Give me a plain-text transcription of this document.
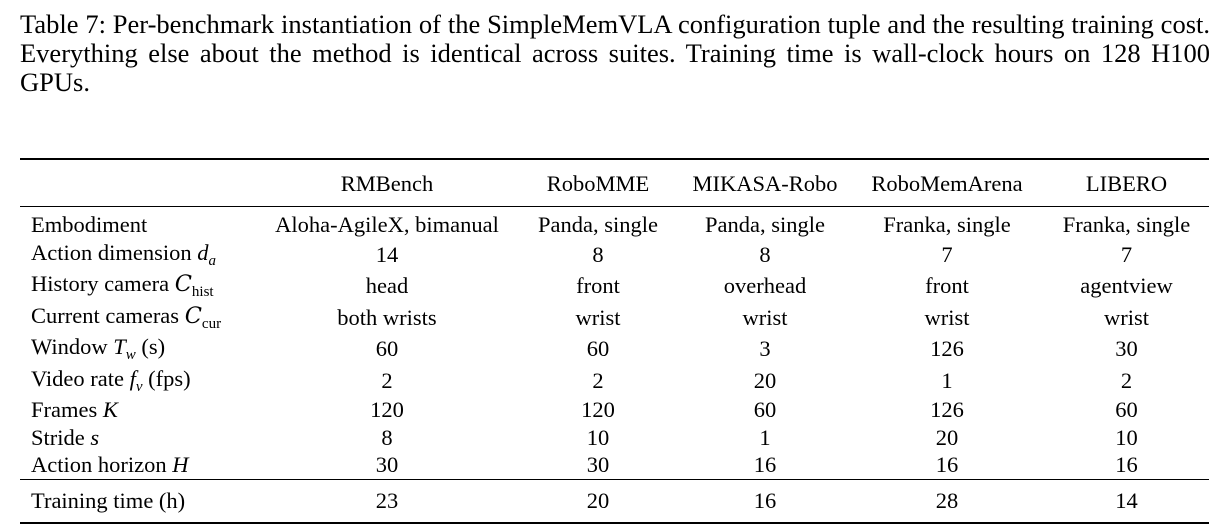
Table 7: Per-benchmark instantiation of the SimpleMemVLA configuration tuple and the resulting training cost. Everything else about the method is identical across suites. Training time is wall-clock hours on 128 H100 GPUs.
	RMBench	RoboMME	MIKASA-Robo	RoboMemArena	LIBERO
Embodiment	Aloha-AgileX, bimanual	Panda, single	Panda, single	Franka, single	Franka, single
Action dimension $d_a$	14	8	8	7	7
History camera $C_{hist}$	head	front	overhead	front	agentview
Current cameras $C_{cur}$	both wrists	wrist	wrist	wrist	wrist
Window $T_w$ (s)	60	60	3	126	30
Video rate $f_v$ (fps)	2	2	20	1	2
Frames K	120	120	60	126	60
Stride s	8	10	1	20	10
Action horizon H	30	30	16	16	16
Training time (h)	23	20	16	28	14
